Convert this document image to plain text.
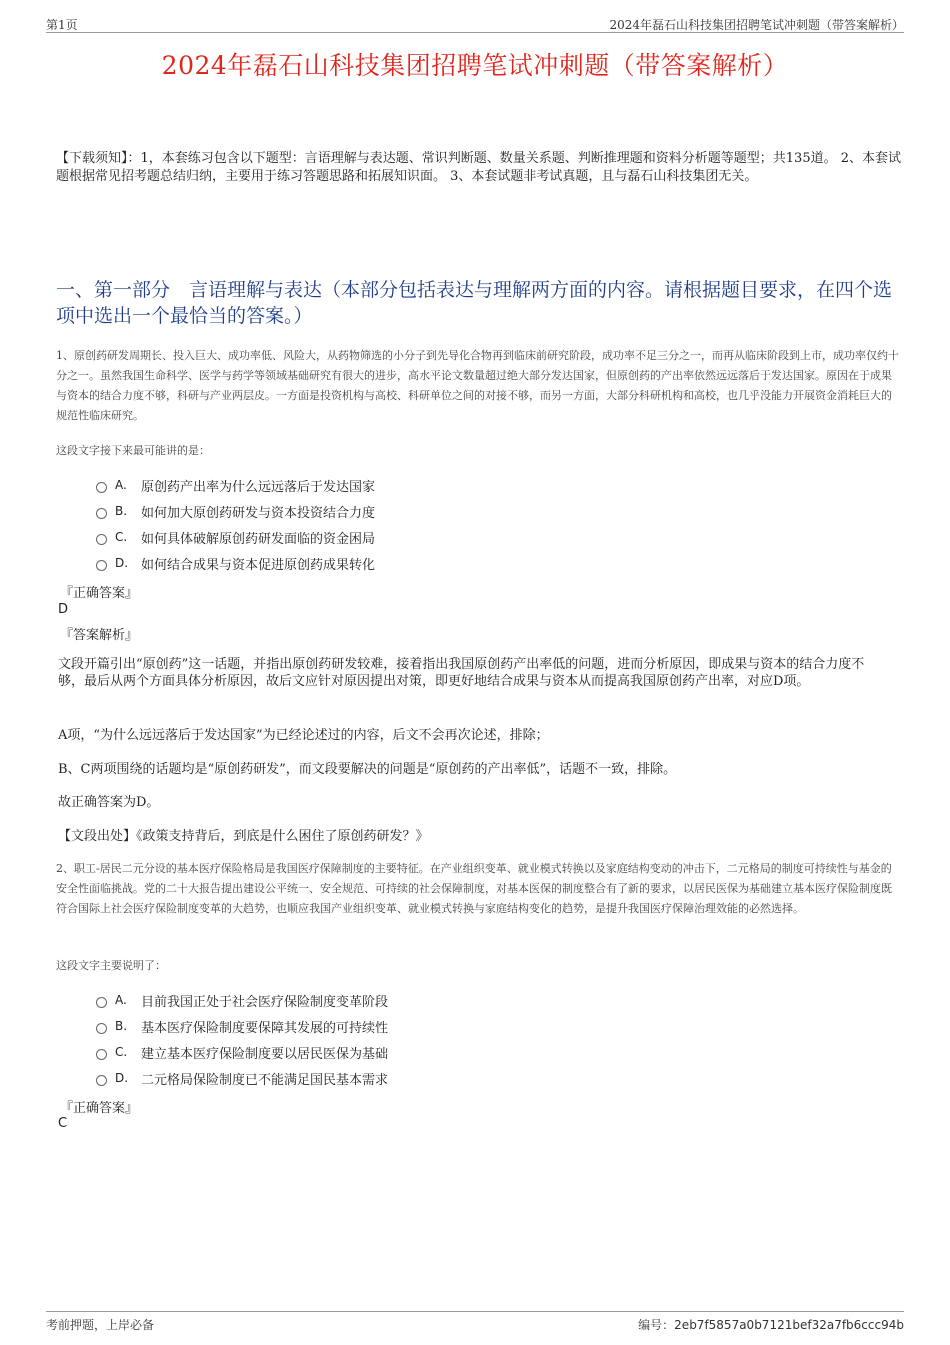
第1页	2024年磊石山科技集团招聘笔试冲刺题（带答案解析）
2024年磊石山科技集团招聘笔试冲刺题（带答案解析）
【下载须知】：1，本套练习包含以下题型：言语理解与表达题、常识判断题、数量关系题、判断推理题和资料分析题等题型；共135道。 2、本套试题根据常见招考题总结归纳，主要用于练习答题思路和拓展知识面。 3、本套试题非考试真题，且与磊石山科技集团无关。
一、第一部分　言语理解与表达（本部分包括表达与理解两方面的内容。请根据题目要求，在四个选项中选出一个最恰当的答案。）
1、原创药研发周期长、投入巨大、成功率低、风险大，从药物筛选的小分子到先导化合物再到临床前研究阶段，成功率不足三分之一，而再从临床阶段到上市，成功率仅约十分之一。虽然我国生命科学、医学与药学等领域基础研究有很大的进步，高水平论文数量超过绝大部分发达国家，但原创药的产出率依然远远落后于发达国家。原因在于成果与资本的结合力度不够，科研与产业两层皮。一方面是投资机构与高校、科研单位之间的对接不够，而另一方面，大部分科研机构和高校，也几乎没能力开展资金消耗巨大的规范性临床研究。
这段文字接下来最可能讲的是：
A.	原创药产出率为什么远远落后于发达国家
B.	如何加大原创药研发与资本投资结合力度
C.	如何具体破解原创药研发面临的资金困局
D. 如何结合成果与资本促进原创药成果转化
『正确答案』
D
『答案解析』
文段开篇引出“原创药”这一话题，并指出原创药研发较难，接着指出我国原创药产出率低的问题，进而分析原因，即成果与资本的结合力度不够，最后从两个方面具体分析原因，故后文应针对原因提出对策，即更好地结合成果与资本从而提高我国原创药产出率，对应D项。
A项，“为什么远远落后于发达国家”为已经论述过的内容，后文不会再次论述，排除；
B、C两项围绕的话题均是“原创药研发”，而文段要解决的问题是“原创药的产出率低”，话题不一致，排除。
故正确答案为D。
【文段出处】《政策支持背后，到底是什么困住了原创药研发？》
2、职工-居民二元分设的基本医疗保险格局是我国医疗保障制度的主要特征。在产业组织变革、就业模式转换以及家庭结构变动的冲击下，二元格局的制度可持续性与基金的安全性面临挑战。党的二十大报告提出建设公平统一、安全规范、可持续的社会保障制度，对基本医保的制度整合有了新的要求，以居民医保为基础建立基本医疗保险制度既符合国际上社会医疗保险制度变革的大趋势，也顺应我国产业组织变革、就业模式转换与家庭结构变化的趋势，是提升我国医疗保障治理效能的必然选择。
这段文字主要说明了：
A.	目前我国正处于社会医疗保险制度变革阶段
B.	基本医疗保险制度要保障其发展的可持续性
C.	建立基本医疗保险制度要以居民医保为基础
D. 二元格局保险制度已不能满足国民基本需求
『正确答案』
C
考前押题，上岸必备	编号：2eb7f5857a0b7121bef32a7fb6ccc94b
